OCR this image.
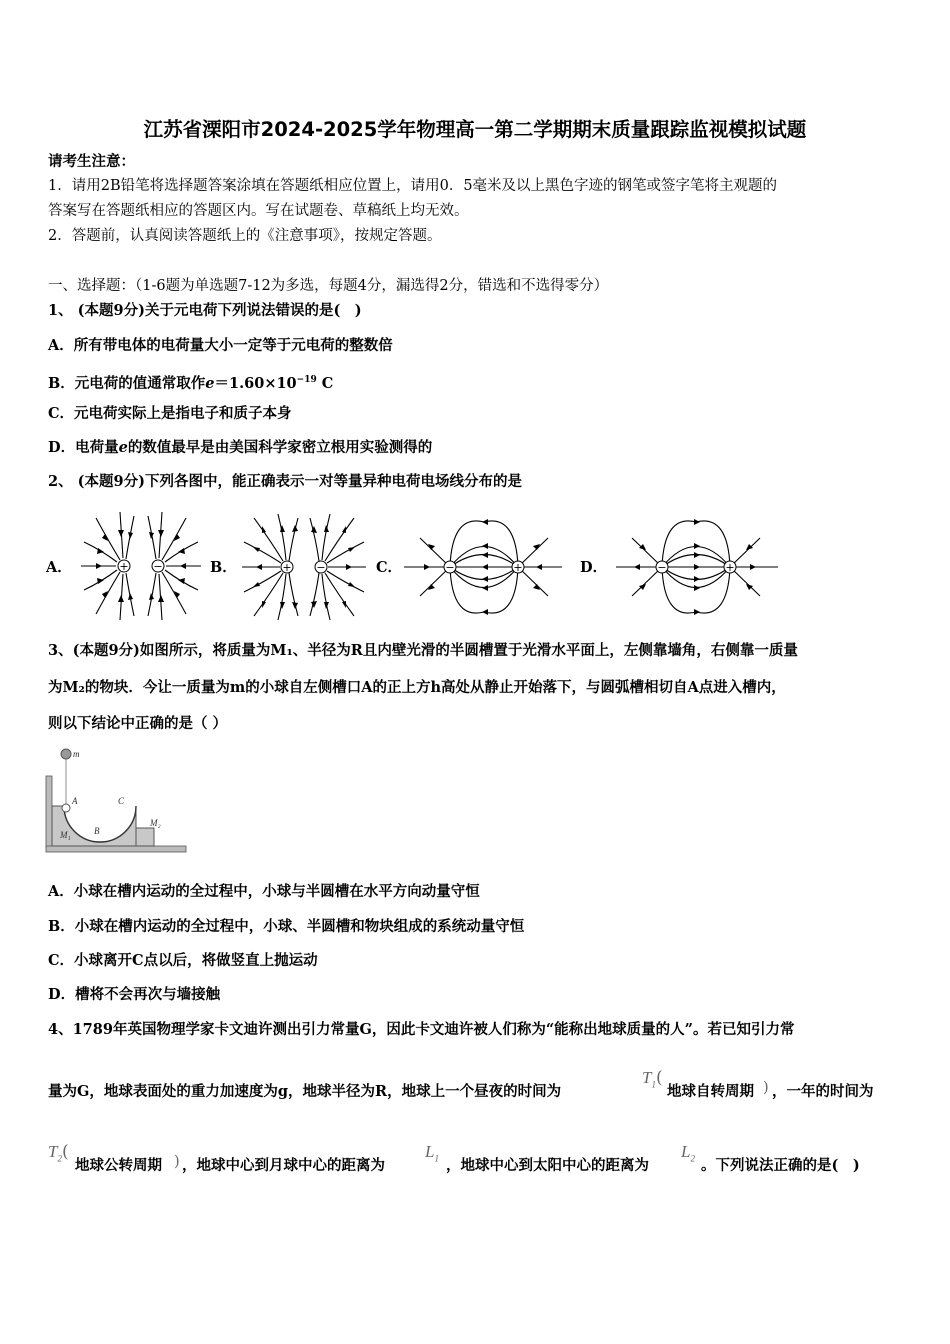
江苏省溧阳市2024-2025学年物理高一第二学期期末质量跟踪监视模拟试题
请考生注意：
1．请用2B铅笔将选择题答案涂填在答题纸相应位置上，请用0．5毫米及以上黑色字迹的钢笔或签字笔将主观题的
答案写在答题纸相应的答题区内。写在试题卷、草稿纸上均无效。
2．答题前，认真阅读答题纸上的《注意事项》，按规定答题。
一、选择题：（1-6题为单选题7-12为多选，每题4分，漏选得2分，错选和不选得零分）
1、 (本题9分)关于元电荷下列说法错误的是(　)
A．所有带电体的电荷量大小一定等于元电荷的整数倍
B．元电荷的值通常取作$e=1.60\times 10^{-19}$ C
C．元电荷实际上是指电子和质子本身
D．电荷量e的数值最早是由美国科学家密立根用实验测得的
2、 (本题9分)下列各图中，能正确表示一对等量异种电荷电场线分布的是
A．	B．	C．	D．
+ −	+ −	−	+	−	+
3、(本题9分)如图所示，将质量为M₁、半径为R且内壁光滑的半圆槽置于光滑水平面上，左侧靠墙角，右侧靠一质量
为M₂的物块．今让一质量为m的小球自左侧槽口A的正上方h高处从静止开始落下，与圆弧槽相切自A点进入槽内，
则以下结论中正确的是（ ）
m
A
B
C
M₁
M₂
A．小球在槽内运动的全过程中，小球与半圆槽在水平方向动量守恒
B．小球在槽内运动的全过程中，小球、半圆槽和物块组成的系统动量守恒
C．小球离开C点以后，将做竖直上抛运动
D．槽将不会再次与墙接触
4、1789年英国物理学家卡文迪许测出引力常量G，因此卡文迪许被人们称为“能称出地球质量的人”。若已知引力常
量为G，地球表面处的重力加速度为g，地球半径为R，地球上一个昼夜的时间为
$T_1$(
地球自转周期 ) ，一年的时间为
$T_2$(
地球公转周期 ) ，地球中心到月球中心的距离为
$L_1$ ，地球中心到太阳中心的距离为
$L_2$ 。下列说法正确的是(　)
